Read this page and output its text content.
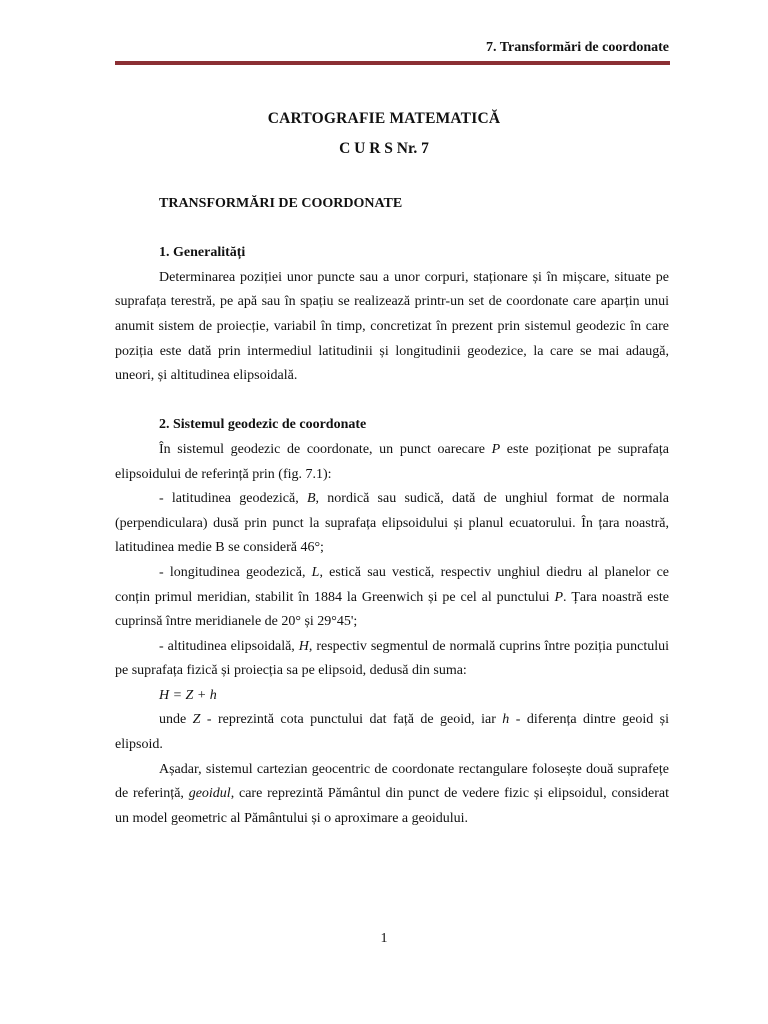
7. Transformări de coordonate
CARTOGRAFIE MATEMATICĂ
C U R S Nr. 7

TRANSFORMĂRI DE COORDONATE

1. Generalități

Determinarea poziției unor puncte sau a unor corpuri, staționare și în mișcare, situate pe suprafața terestră, pe apă sau în spațiu se realizează printr-un set de coordonate care aparțin unui anumit sistem de proiecție, variabil în timp, concretizat în prezent prin sistemul geodezic în care poziția este dată prin intermediul latitudinii și longitudinii geodezice, la care se mai adaugă, uneori, și altitudinea elipsoidală.

2. Sistemul geodezic de coordonate

În sistemul geodezic de coordonate, un punct oarecare P este poziționat pe suprafața elipsoidului de referință prin (fig. 7.1):

- latitudinea geodezică, B, nordică sau sudică, dată de unghiul format de normala (perpendiculara) dusă prin punct la suprafața elipsoidului și planul ecuatorului. În țara noastră, latitudinea medie B se consideră 46°;

- longitudinea geodezică, L, estică sau vestică, respectiv unghiul diedru al planelor ce conțin primul meridian, stabilit în 1884 la Greenwich și pe cel al punctului P. Țara noastră este cuprinsă între meridianele de 20° și 29°45';

- altitudinea elipsoidală, H, respectiv segmentul de normală cuprins între poziția punctului pe suprafața fizică și proiecția sa pe elipsoid, dedusă din suma:

H = Z + h

unde Z - reprezintă cota punctului dat față de geoid, iar h - diferența dintre geoid și elipsoid.

Așadar, sistemul cartezian geocentric de coordonate rectangulare folosește două suprafețe de referință, geoidul, care reprezintă Pământul din punct de vedere fizic și elipsoidul, considerat un model geometric al Pământului și o aproximare a geoidului.

1
